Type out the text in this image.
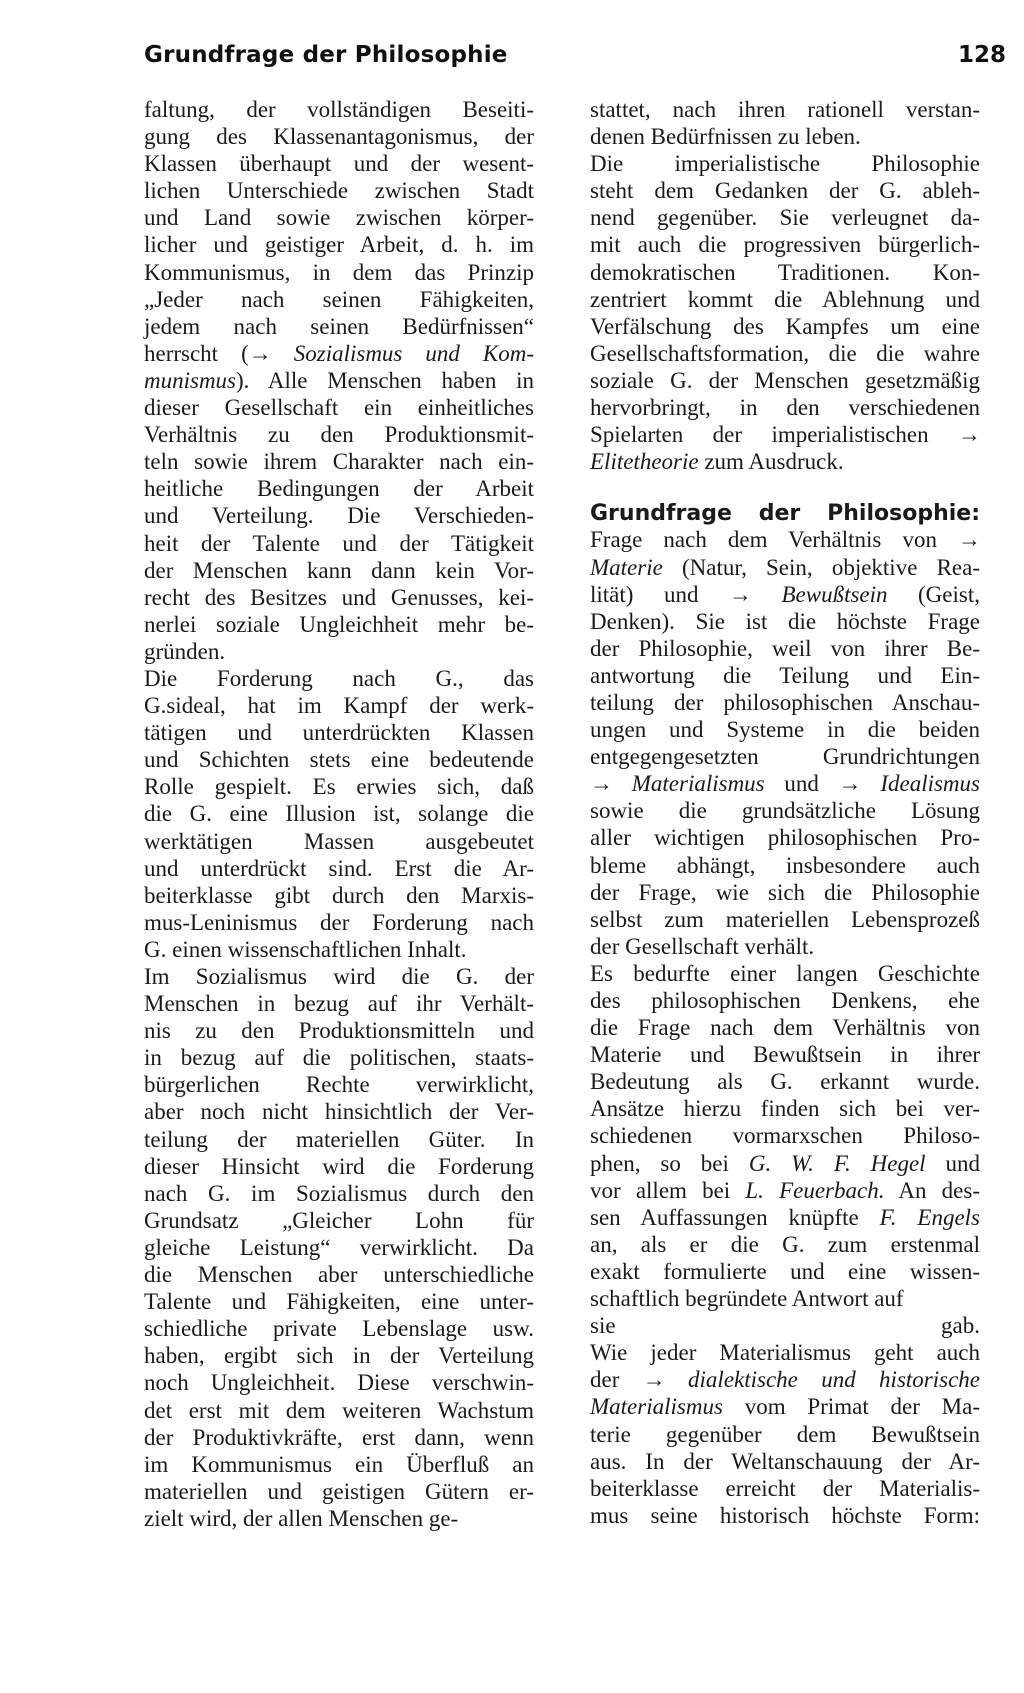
Grundfrage der Philosophie	128
faltung, der vollständigen Beseiti-
gung des Klassenantagonismus, der
Klassen überhaupt und der wesent-
lichen Unterschiede zwischen Stadt
und Land sowie zwischen körper-
licher und geistiger Arbeit, d. h. im
Kommunismus, in dem das Prinzip
„Jeder nach seinen Fähigkeiten,
jedem nach seinen Bedürfnissen“
herrscht (→ Sozialismus und Kom-
munismus). Alle Menschen haben in
dieser Gesellschaft ein einheitliches
Verhältnis zu den Produktionsmit-
teln sowie ihrem Charakter nach ein-
heitliche Bedingungen der Arbeit
und Verteilung. Die Verschieden-
heit der Talente und der Tätigkeit
der Menschen kann dann kein Vor-
recht des Besitzes und Genusses, kei-
nerlei soziale Ungleichheit mehr be-
gründen.
Die Forderung nach G., das
G.sideal, hat im Kampf der werk-
tätigen und unterdrückten Klassen
und Schichten stets eine bedeutende
Rolle gespielt. Es erwies sich, daß
die G. eine Illusion ist, solange die
werktätigen Massen ausgebeutet
und unterdrückt sind. Erst die Ar-
beiterklasse gibt durch den Marxis-
mus-Leninismus der Forderung nach
G. einen wissenschaftlichen Inhalt.
Im Sozialismus wird die G. der
Menschen in bezug auf ihr Verhält-
nis zu den Produktionsmitteln und
in bezug auf die politischen, staats-
bürgerlichen Rechte verwirklicht,
aber noch nicht hinsichtlich der Ver-
teilung der materiellen Güter. In
dieser Hinsicht wird die Forderung
nach G. im Sozialismus durch den
Grundsatz „Gleicher Lohn für
gleiche Leistung“ verwirklicht. Da
die Menschen aber unterschiedliche
Talente und Fähigkeiten, eine unter-
schiedliche private Lebenslage usw.
haben, ergibt sich in der Verteilung
noch Ungleichheit. Diese verschwin-
det erst mit dem weiteren Wachstum
der Produktivkräfte, erst dann, wenn
im Kommunismus ein Überfluß an
materiellen und geistigen Gütern er-
zielt wird, der allen Menschen ge-
stattet, nach ihren rationell verstan-
denen Bedürfnissen zu leben.
Die imperialistische Philosophie
steht dem Gedanken der G. ableh-
nend gegenüber. Sie verleugnet da-
mit auch die progressiven bürgerlich-
demokratischen Traditionen. Kon-
zentriert kommt die Ablehnung und
Verfälschung des Kampfes um eine
Gesellschaftsformation, die die wahre
soziale G. der Menschen gesetzmäßig
hervorbringt, in den verschiedenen
Spielarten der imperialistischen →
Elitetheorie zum Ausdruck.
Grundfrage der Philosophie:
Frage nach dem Verhältnis von →
Materie (Natur, Sein, objektive Rea-
lität) und → Bewußtsein (Geist,
Denken). Sie ist die höchste Frage
der Philosophie, weil von ihrer Be-
antwortung die Teilung und Ein-
teilung der philosophischen Anschau-
ungen und Systeme in die beiden
entgegengesetzten Grundrichtungen
→ Materialismus und → Idealismus
sowie die grundsätzliche Lösung
aller wichtigen philosophischen Pro-
bleme abhängt, insbesondere auch
der Frage, wie sich die Philosophie
selbst zum materiellen Lebensprozeß
der Gesellschaft verhält.
Es bedurfte einer langen Geschichte
des philosophischen Denkens, ehe
die Frage nach dem Verhältnis von
Materie und Bewußtsein in ihrer
Bedeutung als G. erkannt wurde.
Ansätze hierzu finden sich bei ver-
schiedenen vormarxschen Philoso-
phen, so bei G. W. F. Hegel und
vor allem bei L. Feuerbach. An des-
sen Auffassungen knüpfte F. Engels
an, als er die G. zum erstenmal
exakt formulierte und eine wissen-
schaftlich begründete Antwort auf
sie gab.
Wie jeder Materialismus geht auch
der → dialektische und historische
Materialismus vom Primat der Ma-
terie gegenüber dem Bewußtsein
aus. In der Weltanschauung der Ar-
beiterklasse erreicht der Materialis-
mus seine historisch höchste Form:
